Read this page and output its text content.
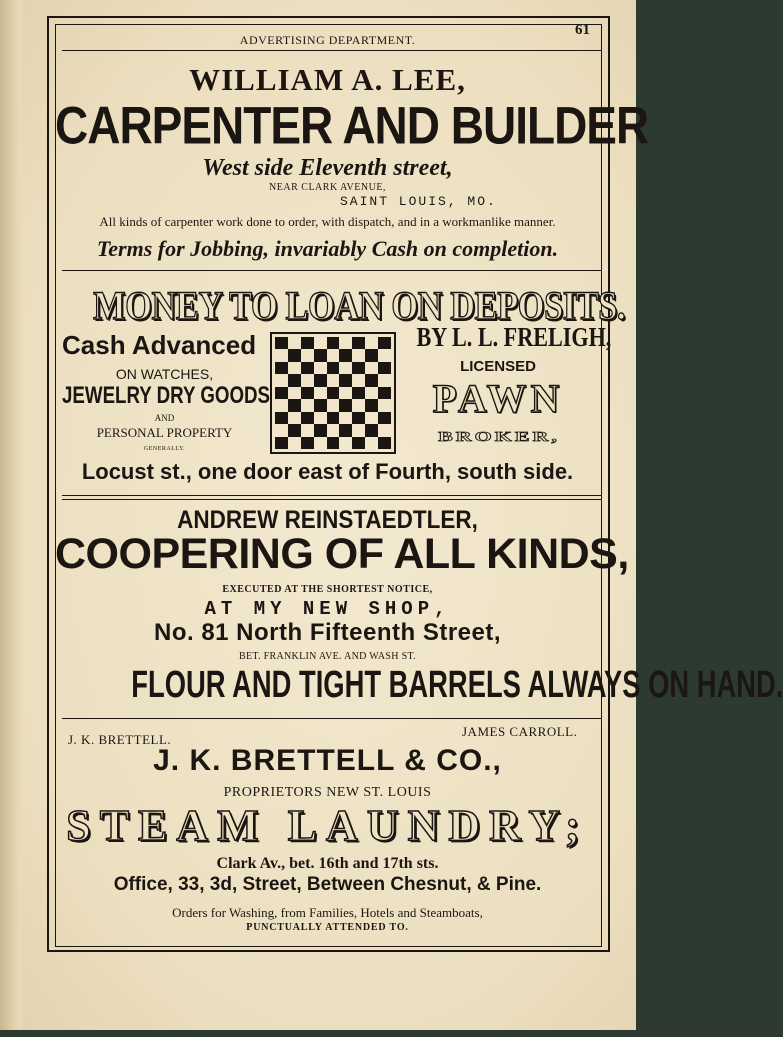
ADVERTISING DEPARTMENT.
61
WILLIAM A. LEE,
CARPENTER AND BUILDER
West side Eleventh street,
NEAR CLARK AVENUE,
SAINT LOUIS, MO.
All kinds of carpenter work done to order, with dispatch, and in a workmanlike manner.
Terms for Jobbing, invariably Cash on completion.
MONEY TO LOAN ON DEPOSITS.
Cash Advanced
ON WATCHES,
JEWELRY DRY GOODS
AND
PERSONAL PROPERTY
GENERALLY.
BY L. L. FRELIGH,
LICENSED
PAWN
BROKER,
Locust st., one door east of Fourth, south side.
ANDREW REINSTAEDTLER,
COOPERING OF ALL KINDS,
EXECUTED AT THE SHORTEST NOTICE,
AT MY NEW SHOP,
No. 81 North Fifteenth Street,
BET. FRANKLIN AVE. AND WASH ST.
FLOUR AND TIGHT BARRELS ALWAYS ON HAND.
J. K. BRETTELL.
JAMES CARROLL.
J. K. BRETTELL & CO.,
PROPRIETORS NEW ST. LOUIS
STEAM LAUNDRY;
Clark Av., bet. 16th and 17th sts.
Office, 33, 3d, Street, Between Chesnut, & Pine.
Orders for Washing, from Families, Hotels and Steamboats,
PUNCTUALLY ATTENDED TO.
